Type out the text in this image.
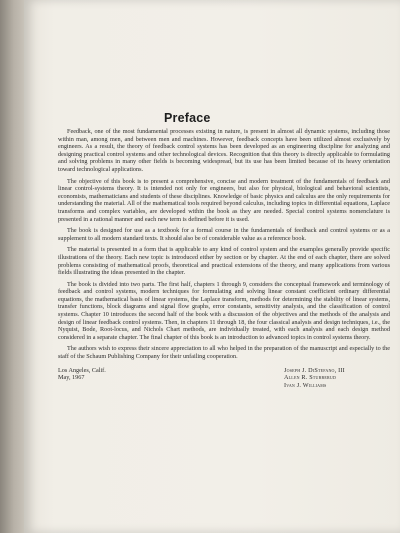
Preface

Feedback, one of the most fundamental processes existing in nature, is present in almost all dynamic systems, including those within man, among men, and between men and machines. However, feedback concepts have been utilized almost exclusively by engineers. As a result, the theory of feedback control systems has been developed as an engineering discipline for analyzing and designing practical control systems and other technological devices. Recognition that this theory is directly applicable to formulating and solving problems in many other fields is becoming widespread, but its use has been limited because of its heavy orientation toward technological applications.

The objective of this book is to present a comprehensive, concise and modern treatment of the fundamentals of feedback and linear control-systems theory. It is intended not only for engineers, but also for physical, biological and behavioral scientists, economists, mathematicians and students of these disciplines. Knowledge of basic physics and calculus are the only requirements for understanding the material. All of the mathematical tools required beyond calculus, including topics in differential equations, Laplace transforms and complex variables, are developed within the book as they are needed. Special control systems nomenclature is presented in a rational manner and each new term is defined before it is used.

The book is designed for use as a textbook for a formal course in the fundamentals of feedback and control systems or as a supplement to all modern standard texts. It should also be of considerable value as a reference book.

The material is presented in a form that is applicable to any kind of control system and the examples generally provide specific illustrations of the theory. Each new topic is introduced either by section or by chapter. At the end of each chapter, there are solved problems consisting of mathematical proofs, theoretical and practical extensions of the theory, and many applications from various fields illustrating the ideas presented in the chapter.

The book is divided into two parts. The first half, chapters 1 through 9, considers the conceptual framework and terminology of feedback and control systems, modern techniques for formulating and solving linear constant coefficient ordinary differential equations, the mathematical basis of linear systems, the Laplace transform, methods for determining the stability of linear systems, transfer functions, block diagrams and signal flow graphs, error constants, sensitivity analysis, and the classification of control systems. Chapter 10 introduces the second half of the book with a discussion of the objectives and the methods of the analysis and design of linear feedback control systems. Then, in chapters 11 through 18, the four classical analysis and design techniques, i.e., the Nyquist, Bode, Root-locus, and Nichols Chart methods, are individually treated, with each analysis and each design method considered in a separate chapter. The final chapter of this book is an introduction to advanced topics in control systems theory.

The authors wish to express their sincere appreciation to all who helped in the preparation of the manuscript and especially to the staff of the Schaum Publishing Company for their unfailing cooperation.

Los Angeles, Calif.
May, 1967
Joseph J. DiStefano, III
Allen R. Stubberud
Ivan J. Williams
